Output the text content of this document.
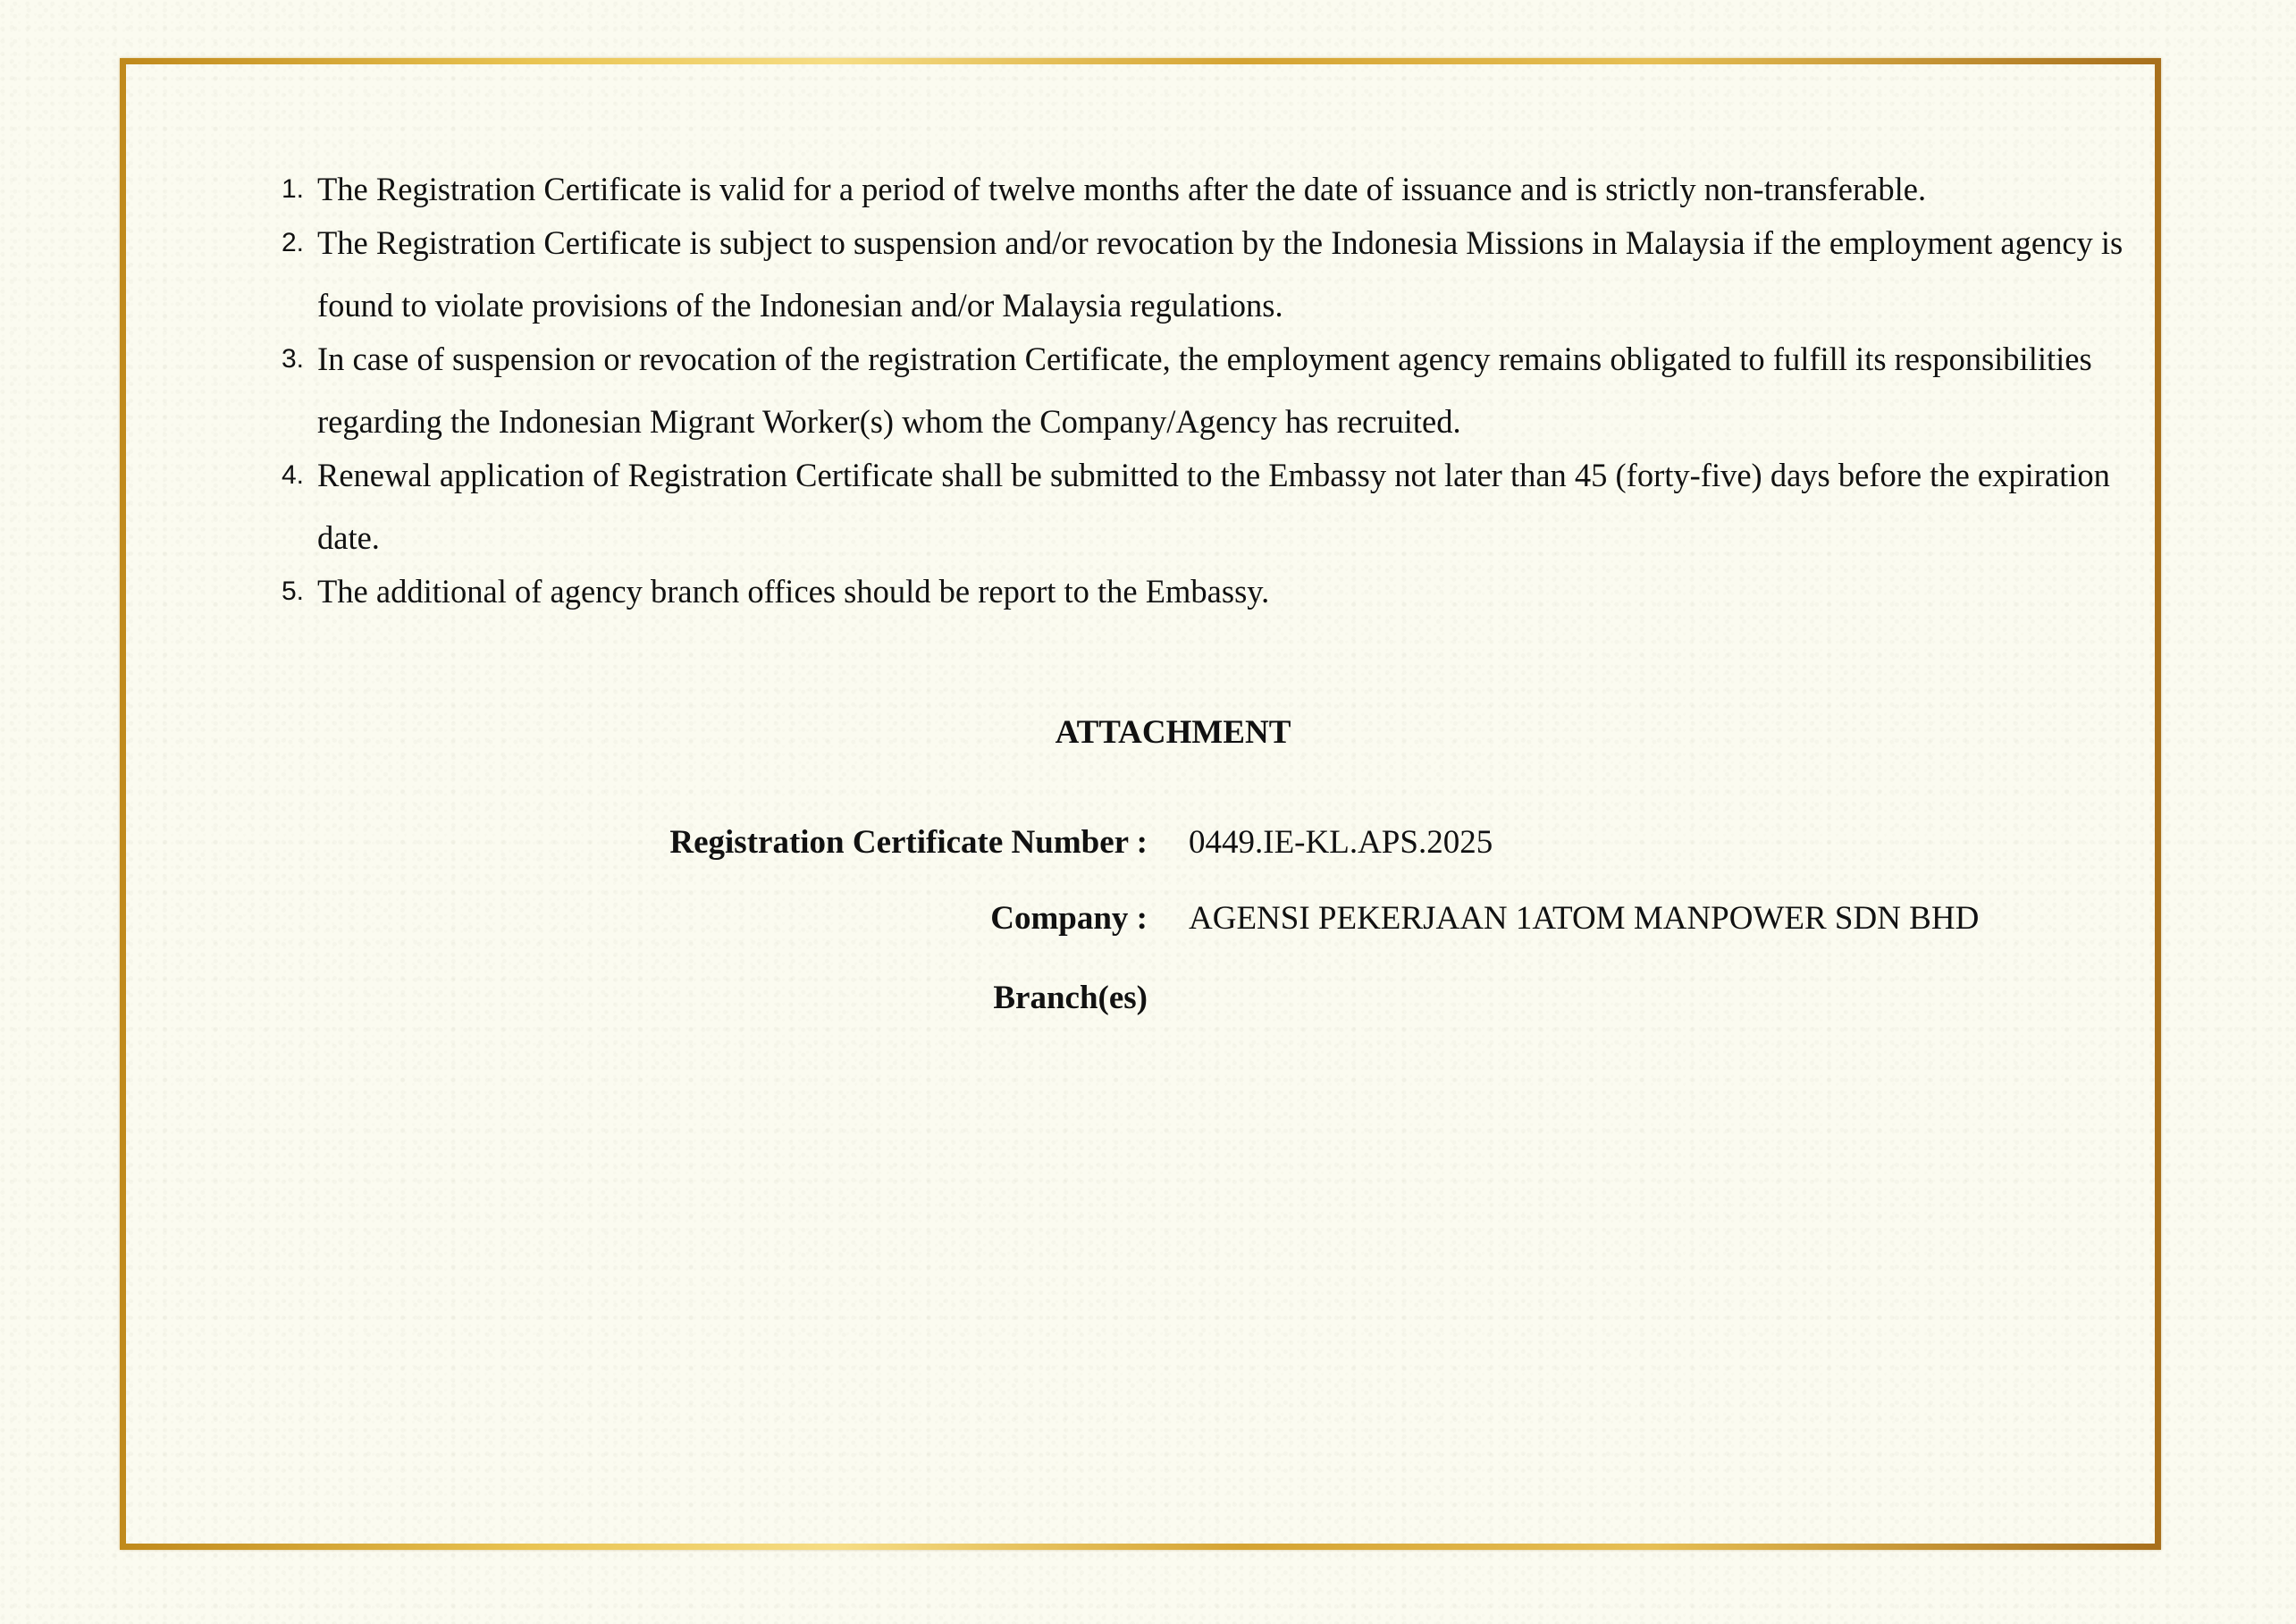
1. The Registration Certificate is valid for a period of twelve months after the date of issuance and is strictly non-transferable.
2. The Registration Certificate is subject to suspension and/or revocation by the Indonesia Missions in Malaysia if the employment agency is found to violate provisions of the Indonesian and/or Malaysia regulations.
3. In case of suspension or revocation of the registration Certificate, the employment agency remains obligated to fulfill its responsibilities regarding the Indonesian Migrant Worker(s) whom the Company/Agency has recruited.
4. Renewal application of Registration Certificate shall be submitted to the Embassy not later than 45 (forty-five) days before the expiration date.
5. The additional of agency branch offices should be report to the Embassy.
ATTACHMENT
Registration Certificate Number : 0449.IE-KL.APS.2025
Company : AGENSI PEKERJAAN 1ATOM MANPOWER SDN BHD
Branch(es)
